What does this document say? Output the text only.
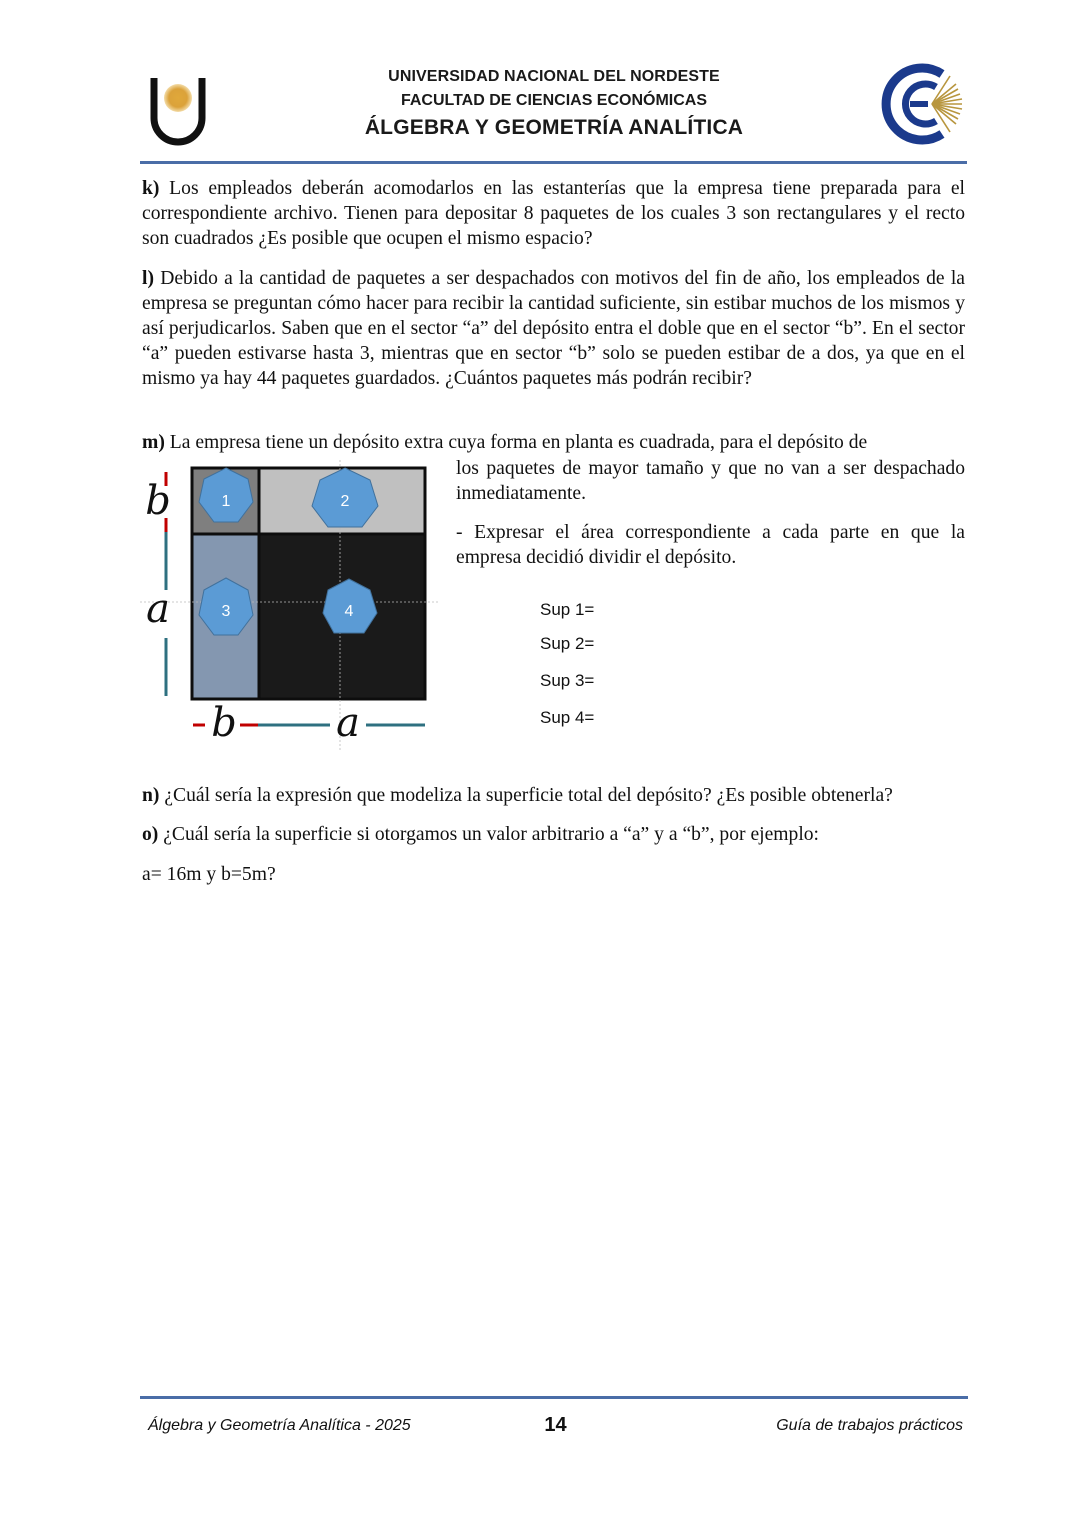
UNIVERSIDAD NACIONAL DEL NORDESTE
FACULTAD DE CIENCIAS ECONÓMICAS
ÁLGEBRA Y GEOMETRÍA ANALÍTICA
k) Los empleados deberán acomodarlos en las estanterías que la empresa tiene preparada para el correspondiente archivo. Tienen para depositar 8 paquetes de los cuales 3 son rectangulares y el recto son cuadrados ¿Es posible que ocupen el mismo espacio?
l) Debido a la cantidad de paquetes a ser despachados con motivos del fin de año, los empleados de la empresa se preguntan cómo hacer para recibir la cantidad suficiente, sin estibar muchos de los mismos y así perjudicarlos. Saben que en el sector “a” del depósito entra el doble que en el sector “b”. En el sector “a” pueden estivarse hasta 3, mientras que en sector “b” solo se pueden estibar de a dos, ya que en el mismo ya hay 44 paquetes guardados. ¿Cuántos paquetes más podrán recibir?
m) La empresa tiene un depósito extra cuya forma en planta es cuadrada, para el depósito de
los paquetes de mayor tamaño y que no van a ser despachado inmediatamente.
- Expresar el área correspondiente a cada parte en que la empresa decidió dividir el depósito.
1	2
3	4
b
a
b a
Sup 1=
Sup 2=
Sup 3=
Sup 4=
n) ¿Cuál sería la expresión que modeliza la superficie total del depósito? ¿Es posible obtenerla?
o) ¿Cuál sería la superficie si otorgamos un valor arbitrario a “a” y a “b”, por ejemplo:
a= 16m y b=5m?
Álgebra y Geometría Analítica - 2025	14	Guía de trabajos prácticos
